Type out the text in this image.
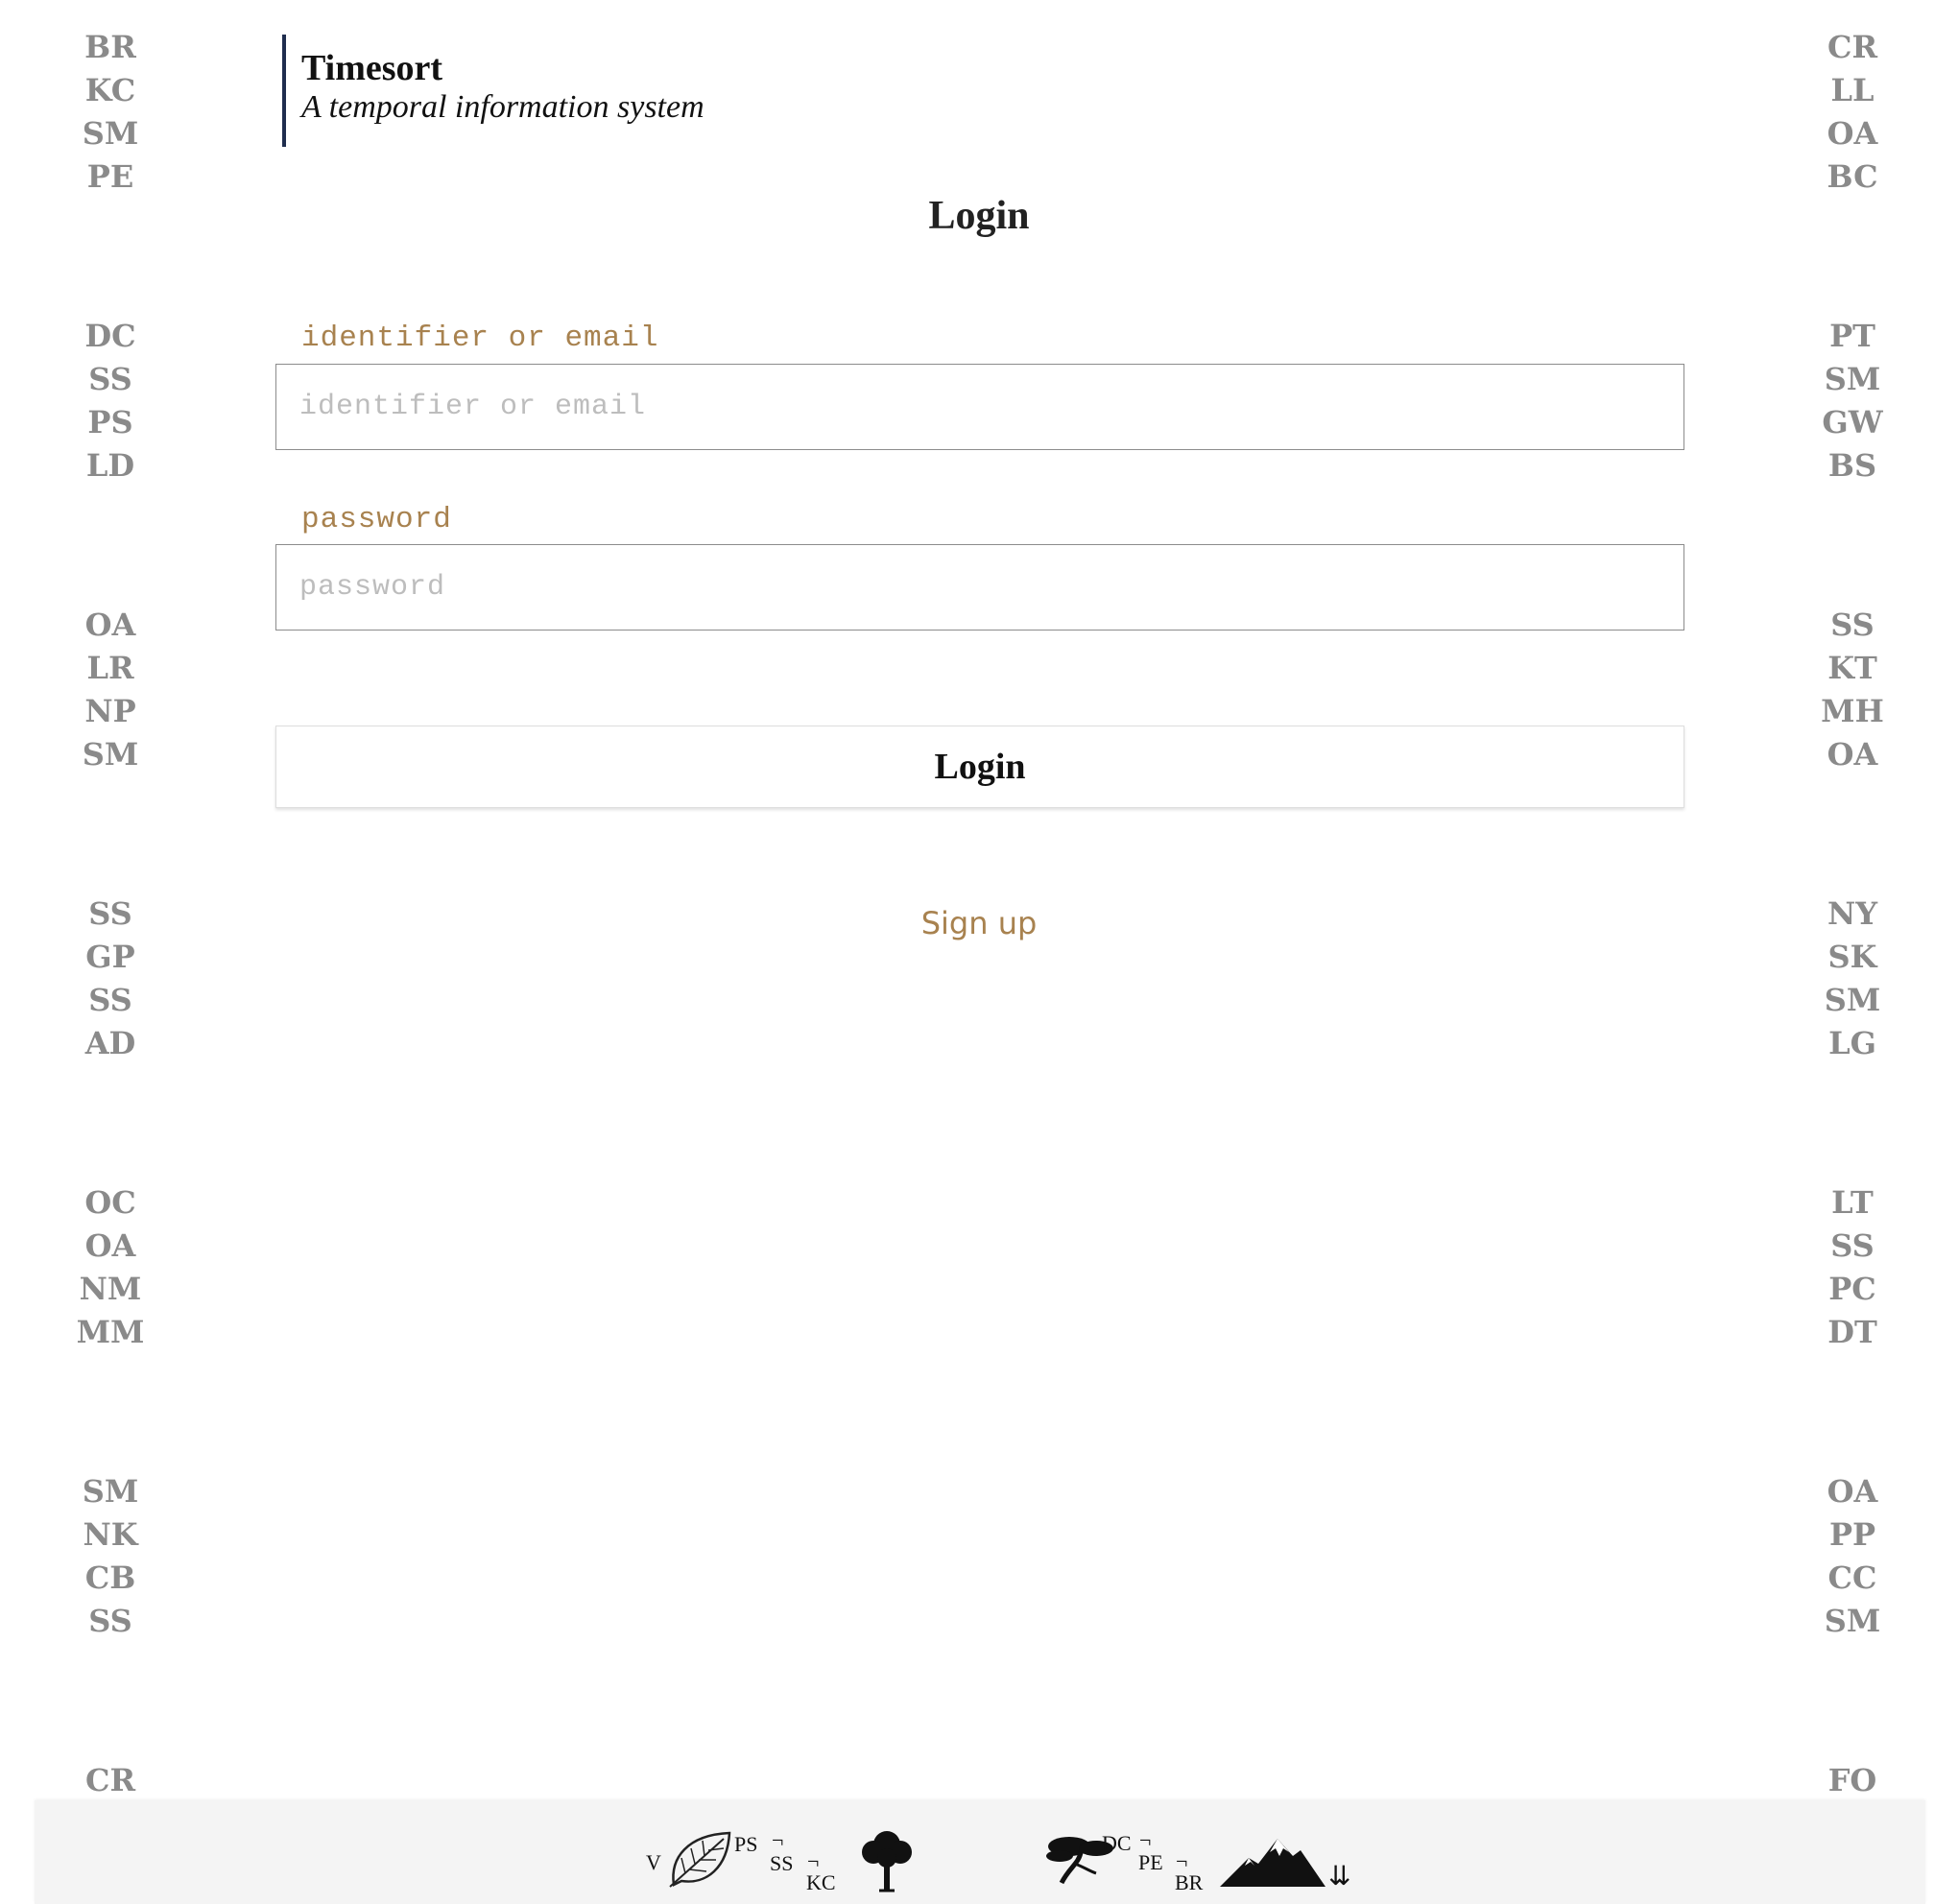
BR
KC
SM
PE
DC
SS
PS
LD
OA
LR
NP
SM
SS
GP
SS
AD
OC
OA
NM
MM
SM
NK
CB
SS
CR
CR
LL
OA
BC
PT
SM
GW
BS
SS
KT
MH
OA
NY
SK
SM
LG
LT
SS
PC
DT
OA
PP
CC
SM
FO
Timesort
A temporal information system
Login
identifier or email
identifier or email
password
Login
Sign up
V
PS ¬
SS ¬
KC
DC ¬
PE ¬
BR	⇊
